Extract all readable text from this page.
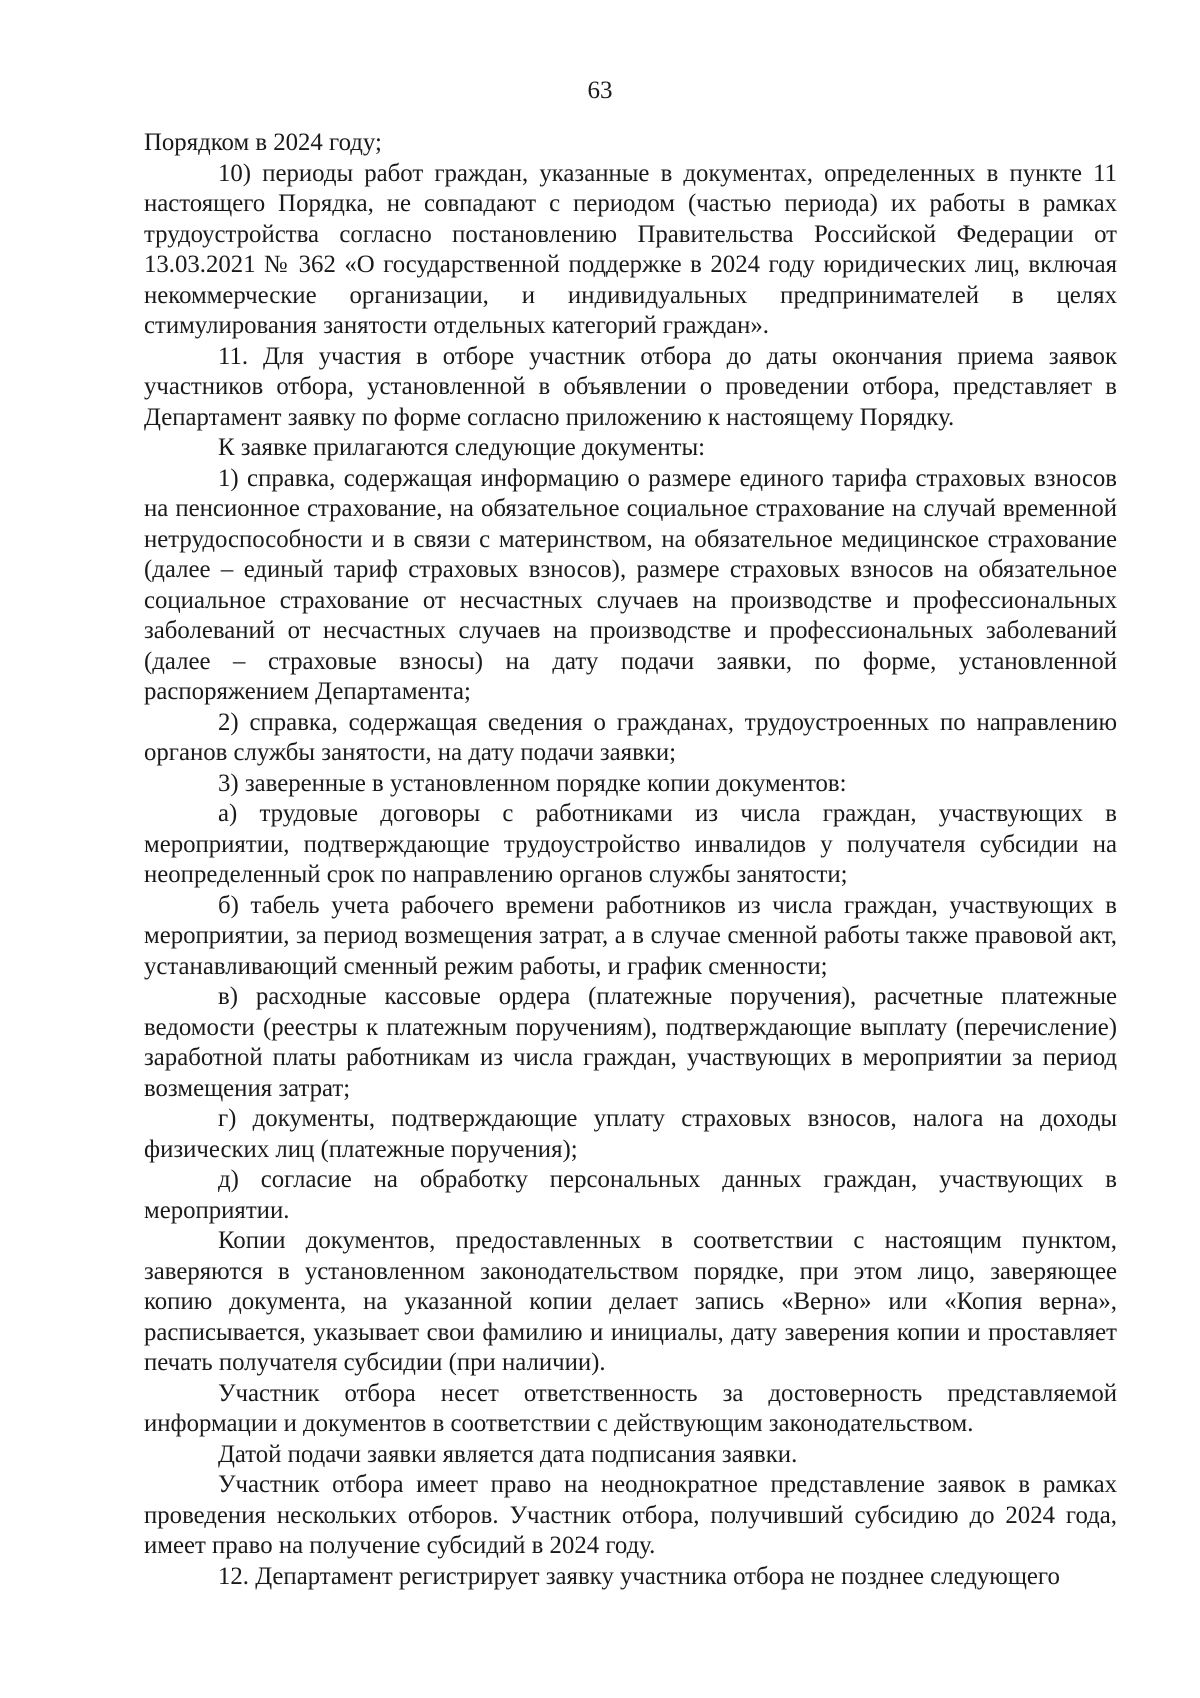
63

Порядком в 2024 году;

10) периоды работ граждан, указанные в документах, определенных в пункте 11 настоящего Порядка, не совпадают с периодом (частью периода) их работы в рамках трудоустройства согласно постановлению Правительства Российской Федерации от 13.03.2021 № 362 «О государственной поддержке в 2024 году юридических лиц, включая некоммерческие организации, и индивидуальных предпринимателей в целях стимулирования занятости отдельных категорий граждан».

11. Для участия в отборе участник отбора до даты окончания приема заявок участников отбора, установленной в объявлении о проведении отбора, представляет в Департамент заявку по форме согласно приложению к настоящему Порядку.

К заявке прилагаются следующие документы:

1) справка, содержащая информацию о размере единого тарифа страховых взносов на пенсионное страхование, на обязательное социальное страхование на случай временной нетрудоспособности и в связи с материнством, на обязательное медицинское страхование (далее – единый тариф страховых взносов), размере страховых взносов на обязательное социальное страхование от несчастных случаев на производстве и профессиональных заболеваний от несчастных случаев на производстве и профессиональных заболеваний (далее – страховые взносы) на дату подачи заявки, по форме, установленной распоряжением Департамента;

2) справка, содержащая сведения о гражданах, трудоустроенных по направлению органов службы занятости, на дату подачи заявки;

3) заверенные в установленном порядке копии документов:

а) трудовые договоры с работниками из числа граждан, участвующих в мероприятии, подтверждающие трудоустройство инвалидов у получателя субсидии на неопределенный срок по направлению органов службы занятости;

б) табель учета рабочего времени работников из числа граждан, участвующих в мероприятии, за период возмещения затрат, а в случае сменной работы также правовой акт, устанавливающий сменный режим работы, и график сменности;

в) расходные кассовые ордера (платежные поручения), расчетные платежные ведомости (реестры к платежным поручениям), подтверждающие выплату (перечисление) заработной платы работникам из числа граждан, участвующих в мероприятии за период возмещения затрат;

г) документы, подтверждающие уплату страховых взносов, налога на доходы физических лиц (платежные поручения);

д) согласие на обработку персональных данных граждан, участвующих в мероприятии.

Копии документов, предоставленных в соответствии с настоящим пунктом, заверяются в установленном законодательством порядке, при этом лицо, заверяющее копию документа, на указанной копии делает запись «Верно» или «Копия верна», расписывается, указывает свои фамилию и инициалы, дату заверения копии и проставляет печать получателя субсидии (при наличии).

Участник отбора несет ответственность за достоверность представляемой информации и документов в соответствии с действующим законодательством.

Датой подачи заявки является дата подписания заявки.

Участник отбора имеет право на неоднократное представление заявок в рамках проведения нескольких отборов. Участник отбора, получивший субсидию до 2024 года, имеет право на получение субсидий в 2024 году.

12. Департамент регистрирует заявку участника отбора не позднее следующего
